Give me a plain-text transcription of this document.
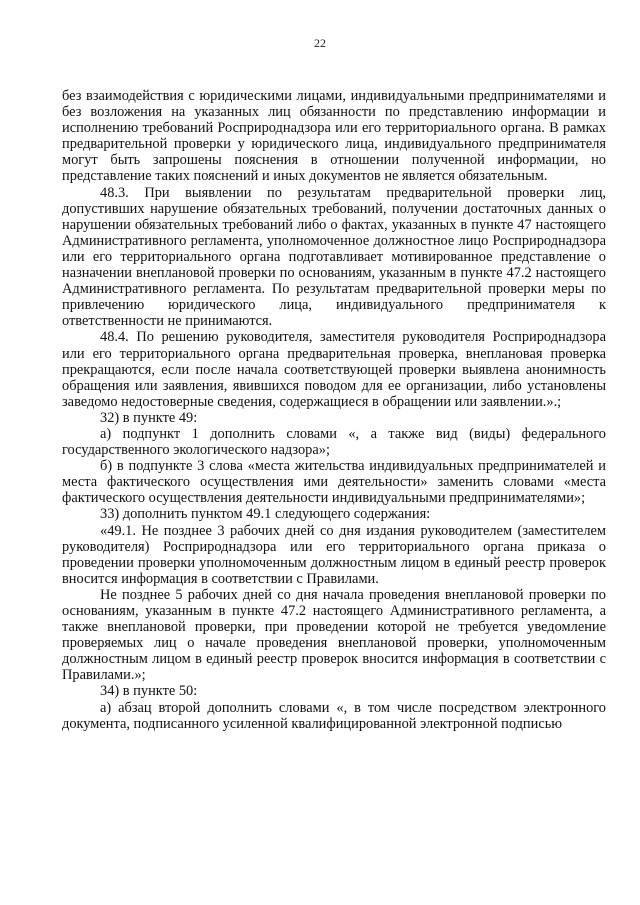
22

без взаимодействия с юридическими лицами, индивидуальными предпринимателями и без возложения на указанных лиц обязанности по представлению информации и исполнению требований Росприроднадзора или его территориального органа. В рамках предварительной проверки у юридического лица, индивидуального предпринимателя могут быть запрошены пояснения в отношении полученной информации, но представление таких пояснений и иных документов не является обязательным.

48.3. При выявлении по результатам предварительной проверки лиц, допустивших нарушение обязательных требований, получении достаточных данных о нарушении обязательных требований либо о фактах, указанных в пункте 47 настоящего Административного регламента, уполномоченное должностное лицо Росприроднадзора или его территориального органа подготавливает мотивированное представление о назначении внеплановой проверки по основаниям, указанным в пункте 47.2 настоящего Административного регламента. По результатам предварительной проверки меры по привлечению юридического лица, индивидуального предпринимателя к ответственности не принимаются.

48.4. По решению руководителя, заместителя руководителя Росприроднадзора или его территориального органа предварительная проверка, внеплановая проверка прекращаются, если после начала соответствующей проверки выявлена анонимность обращения или заявления, явившихся поводом для ее организации, либо установлены заведомо недостоверные сведения, содержащиеся в обращении или заявлении.».;

32) в пункте 49:

а) подпункт 1 дополнить словами «, а также вид (виды) федерального государственного экологического надзора»;

б) в подпункте 3 слова «места жительства индивидуальных предпринимателей и места фактического осуществления ими деятельности» заменить словами «места фактического осуществления деятельности индивидуальными предпринимателями»;

33) дополнить пунктом 49.1 следующего содержания:

«49.1. Не позднее 3 рабочих дней со дня издания руководителем (заместителем руководителя) Росприроднадзора или его территориального органа приказа о проведении проверки уполномоченным должностным лицом в единый реестр проверок вносится информация в соответствии с Правилами.

Не позднее 5 рабочих дней со дня начала проведения внеплановой проверки по основаниям, указанным в пункте 47.2 настоящего Административного регламента, а также внеплановой проверки, при проведении которой не требуется уведомление проверяемых лиц о начале проведения внеплановой проверки, уполномоченным должностным лицом в единый реестр проверок вносится информация в соответствии с Правилами.»;

34) в пункте 50:

а) абзац второй дополнить словами «, в том числе посредством электронного документа, подписанного усиленной квалифицированной электронной подписью
